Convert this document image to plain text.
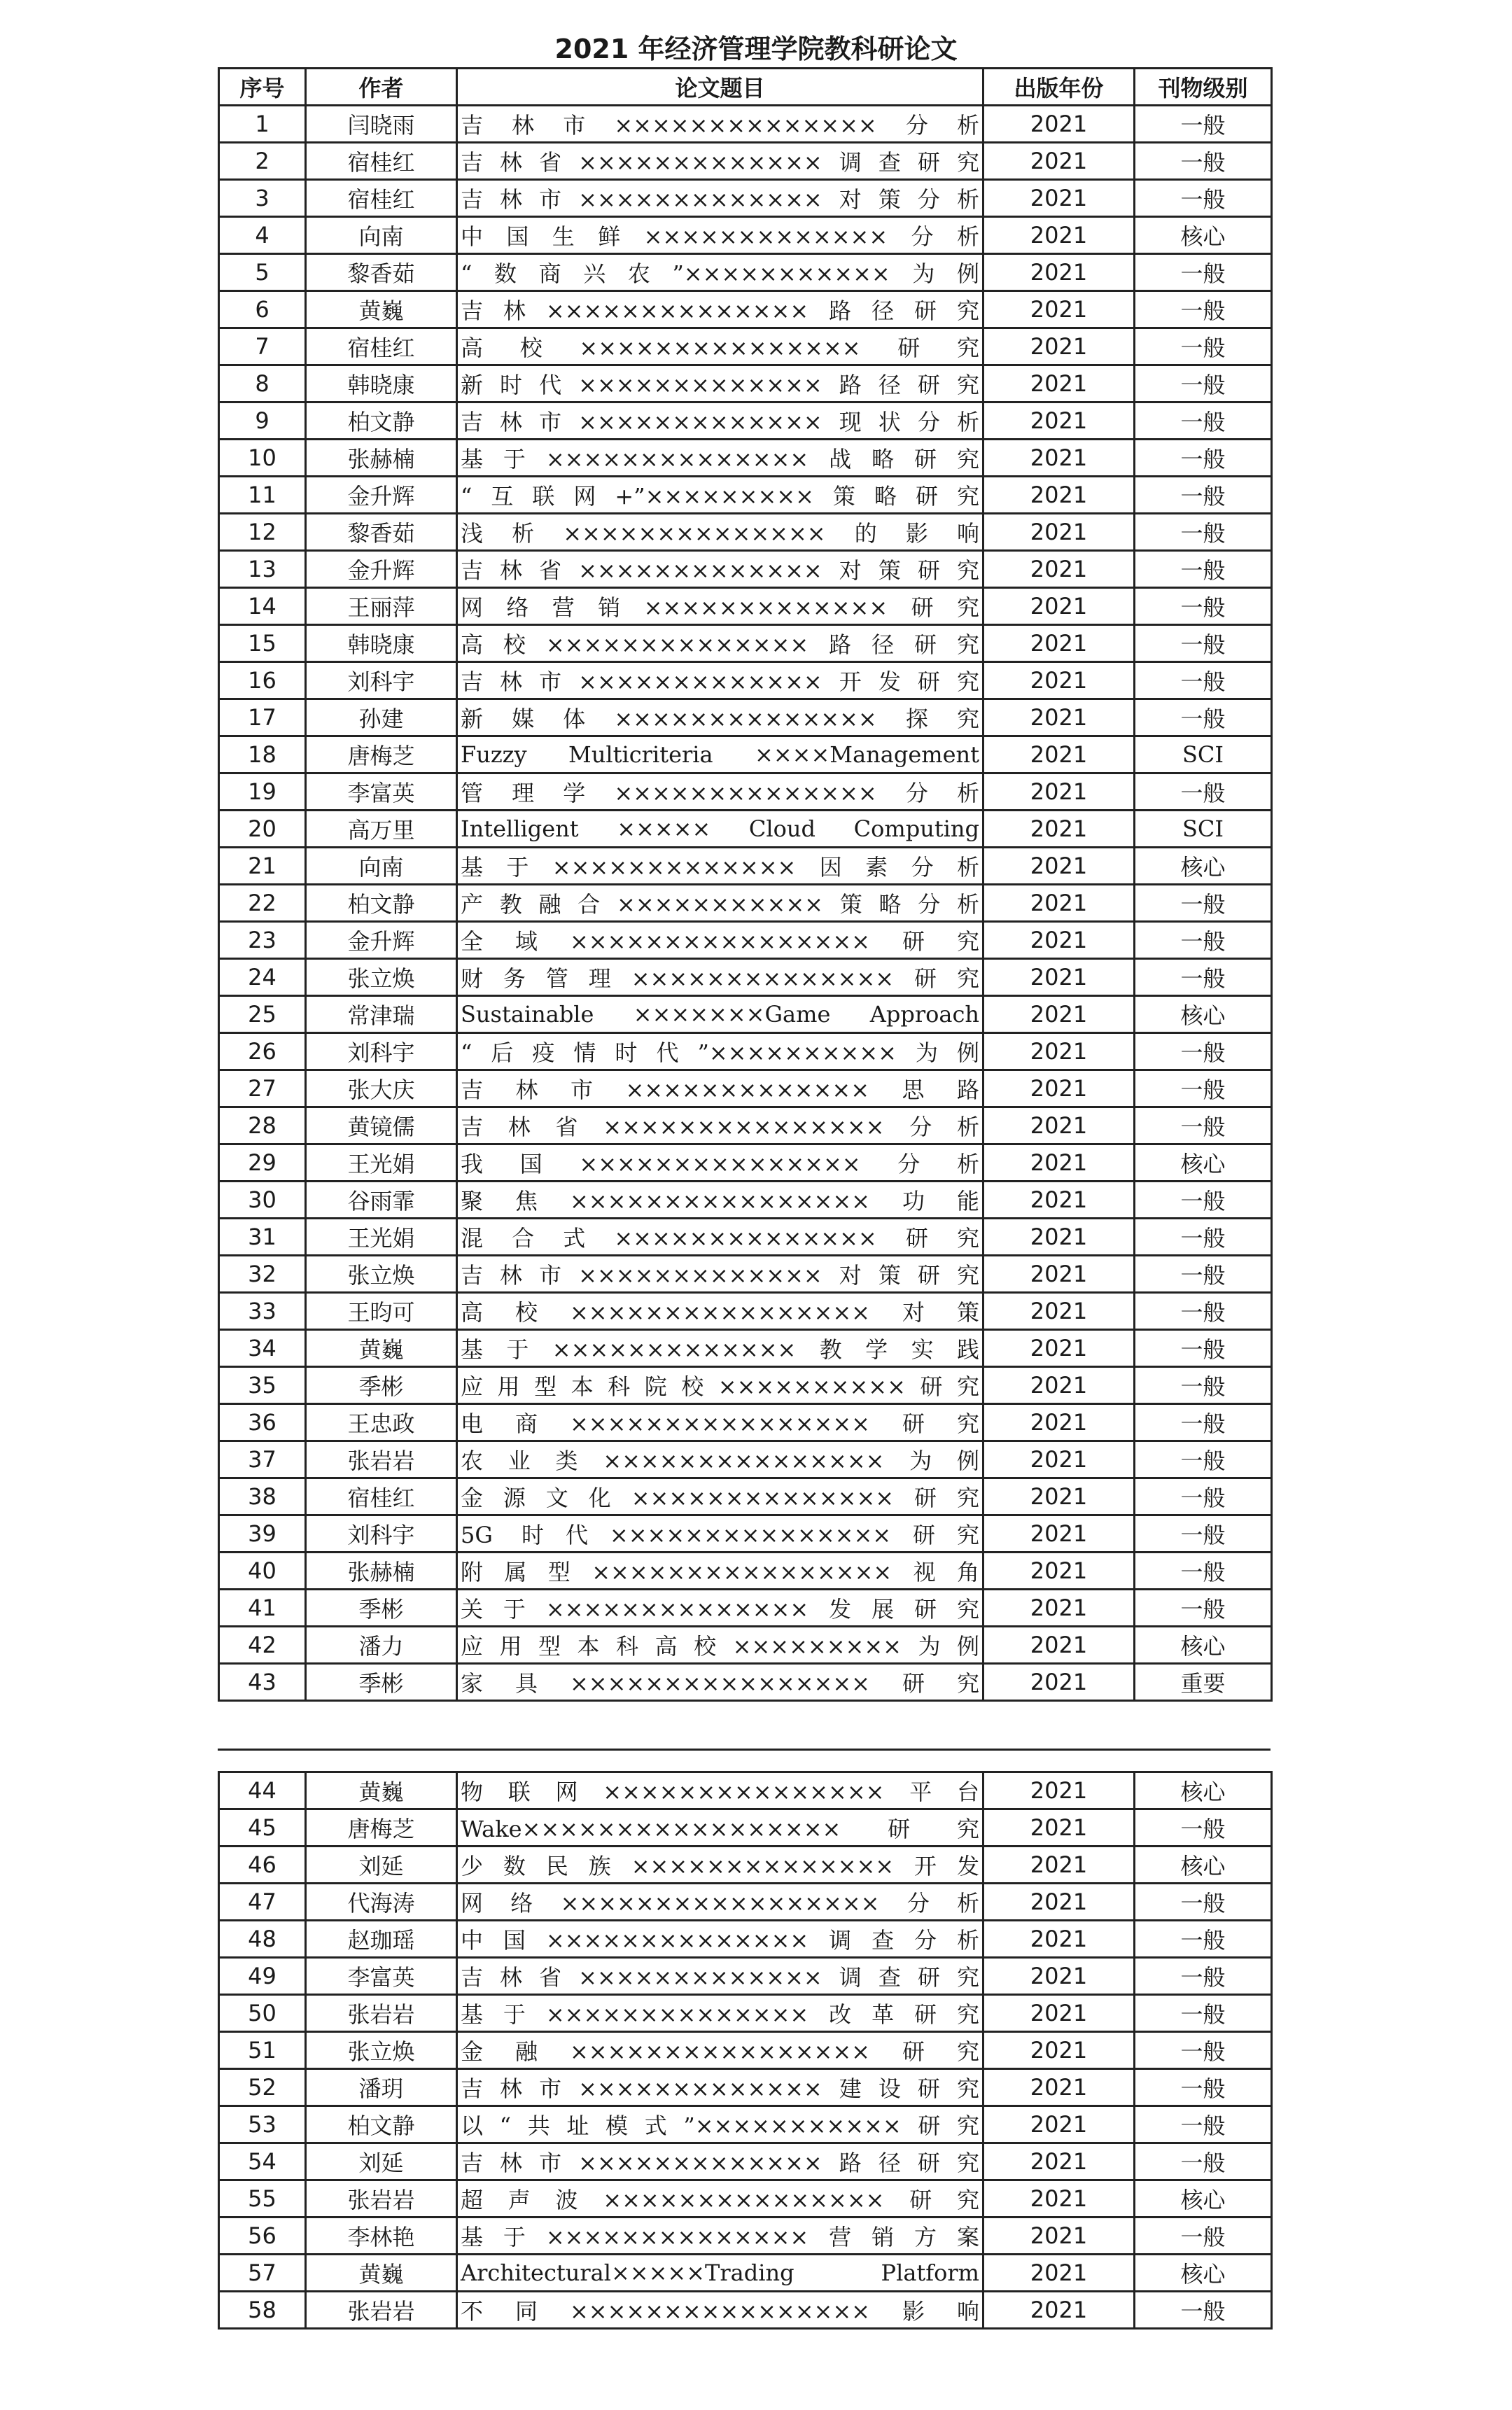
2021 年经济管理学院教科研论文
序号	作者	论文题目	出版年份	刊物级别
1	闫晓雨	吉林市××××××××××××××分析	2021	一般
2	宿桂红	吉林省×××××××××××××调查研究	2021	一般
3	宿桂红	吉林市×××××××××××××对策分析	2021	一般
4	向南	中国生鲜×××××××××××××分析	2021	核心
5	黎香茹	“数商兴农”×××××××××××为例	2021	一般
6	黄巍	吉林××××××××××××××路径研究	2021	一般
7	宿桂红	高校×××××××××××××××研究	2021	一般
8	韩晓康	新时代×××××××××××××路径研究	2021	一般
9	柏文静	吉林市×××××××××××××现状分析	2021	一般
10	张赫楠	基于××××××××××××××战略研究	2021	一般
11	金升辉	“互联网+”×××××××××策略研究	2021	一般
12	黎香茹	浅析××××××××××××××的影响	2021	一般
13	金升辉	吉林省×××××××××××××对策研究	2021	一般
14	王丽萍	网络营销×××××××××××××研究	2021	一般
15	韩晓康	高校××××××××××××××路径研究	2021	一般
16	刘科宇	吉林市×××××××××××××开发研究	2021	一般
17	孙建	新媒体××××××××××××××探究	2021	一般
18	唐梅芝	Fuzzy Multicriteria ××××Management	2021	SCI
19	李富英	管理学××××××××××××××分析	2021	一般
20	高万里	Intelligent ××××× Cloud Computing	2021	SCI
21	向南	基于×××××××××××××因素分析	2021	核心
22	柏文静	产教融合×××××××××××策略分析	2021	一般
23	金升辉	全域××××××××××××××××研究	2021	一般
24	张立焕	财务管理××××××××××××××研究	2021	一般
25	常津瑞	Sustainable ×××××××Game Approach	2021	核心
26	刘科宇	“后疫情时代”××××××××××为例	2021	一般
27	张大庆	吉林市×××××××××××××思路	2021	一般
28	黄镜儒	吉林省×××××××××××××××分析	2021	一般
29	王光娟	我国×××××××××××××××分析	2021	核心
30	谷雨霏	聚焦××××××××××××××××功能	2021	一般
31	王光娟	混合式××××××××××××××研究	2021	一般
32	张立焕	吉林市×××××××××××××对策研究	2021	一般
33	王昀可	高校××××××××××××××××对策	2021	一般
34	黄巍	基于×××××××××××××教学实践	2021	一般
35	季彬	应用型本科院校××××××××××研究	2021	一般
36	王忠政	电商××××××××××××××××研究	2021	一般
37	张岩岩	农业类×××××××××××××××为例	2021	一般
38	宿桂红	金源文化××××××××××××××研究	2021	一般
39	刘科宇	5G 时代×××××××××××××××研究	2021	一般
40	张赫楠	附属型××××××××××××××××视角	2021	一般
41	季彬	关于××××××××××××××发展研究	2021	一般
42	潘力	应用型本科高校×××××××××为例	2021	核心
43	季彬	家具××××××××××××××××研究	2021	重要
44	黄巍	物联网×××××××××××××××平台	2021	核心
45	唐梅芝	Wake×××××××××××××××××研究	2021	一般
46	刘延	少数民族××××××××××××××开发	2021	核心
47	代海涛	网络×××××××××××××××××分析	2021	一般
48	赵珈瑶	中国××××××××××××××调查分析	2021	一般
49	李富英	吉林省×××××××××××××调查研究	2021	一般
50	张岩岩	基于××××××××××××××改革研究	2021	一般
51	张立焕	金融××××××××××××××××研究	2021	一般
52	潘玥	吉林市×××××××××××××建设研究	2021	一般
53	柏文静	以“共址模式”×××××××××××研究	2021	一般
54	刘延	吉林市×××××××××××××路径研究	2021	一般
55	张岩岩	超声波×××××××××××××××研究	2021	核心
56	李林艳	基于××××××××××××××营销方案	2021	一般
57	黄巍	Architectural×××××Trading Platform	2021	核心
58	张岩岩	不同××××××××××××××××影响	2021	一般
